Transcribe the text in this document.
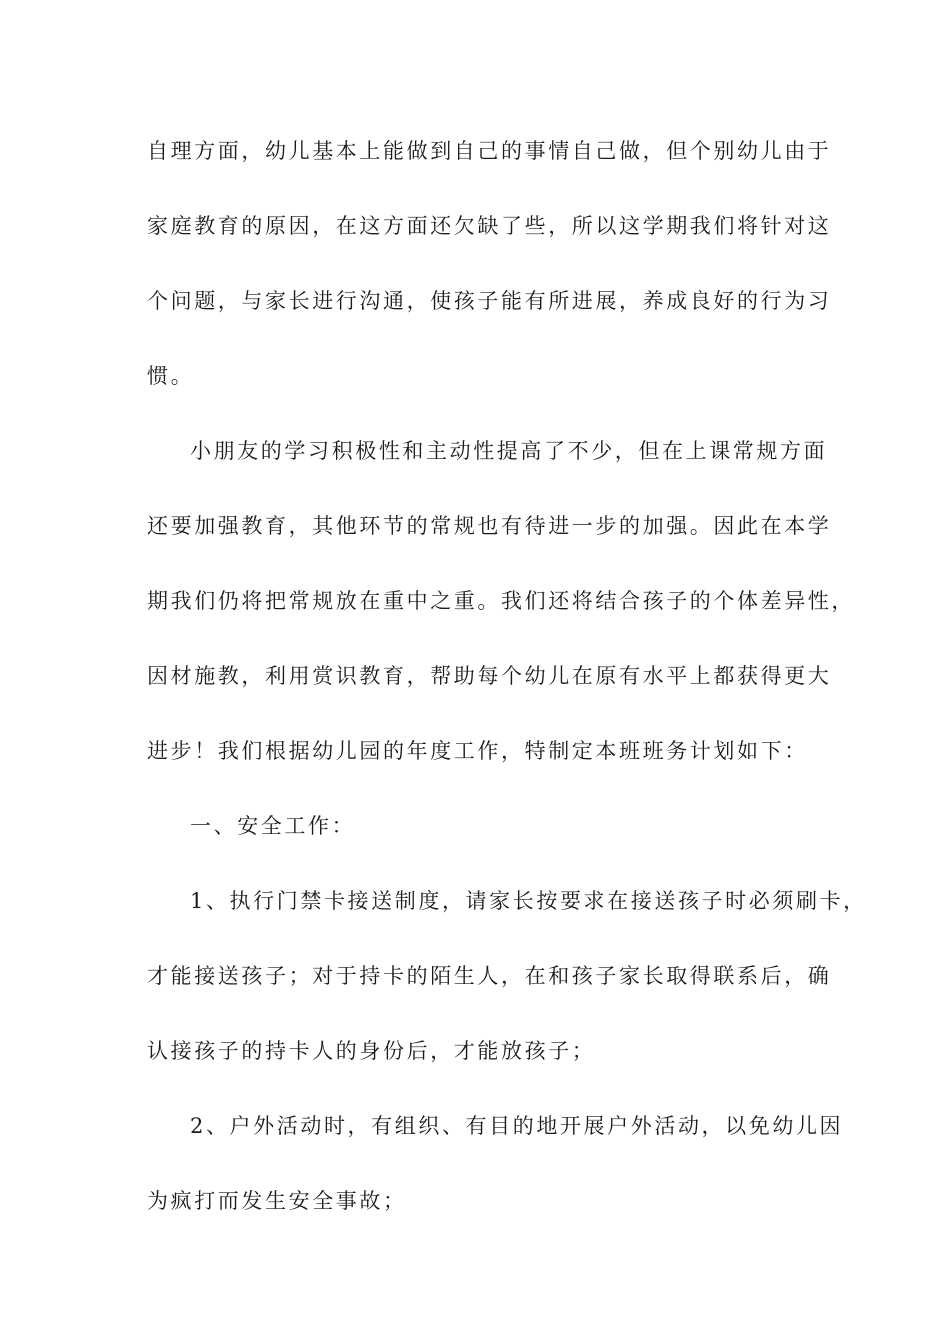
自理方面，幼儿基本上能做到自己的事情自己做，但个别幼儿由于
家庭教育的原因，在这方面还欠缺了些，所以这学期我们将针对这
个问题，与家长进行沟通，使孩子能有所进展，养成良好的行为习
惯。
小朋友的学习积极性和主动性提高了不少，但在上课常规方面
还要加强教育，其他环节的常规也有待进一步的加强。因此在本学
期我们仍将把常规放在重中之重。我们还将结合孩子的个体差异性，
因材施教，利用赏识教育，帮助每个幼儿在原有水平上都获得更大
进步！我们根据幼儿园的年度工作，特制定本班班务计划如下：
一、安全工作：
1、执行门禁卡接送制度，请家长按要求在接送孩子时必须刷卡，
才能接送孩子；对于持卡的陌生人，在和孩子家长取得联系后，确
认接孩子的持卡人的身份后，才能放孩子；
2、户外活动时，有组织、有目的地开展户外活动，以免幼儿因
为疯打而发生安全事故；
